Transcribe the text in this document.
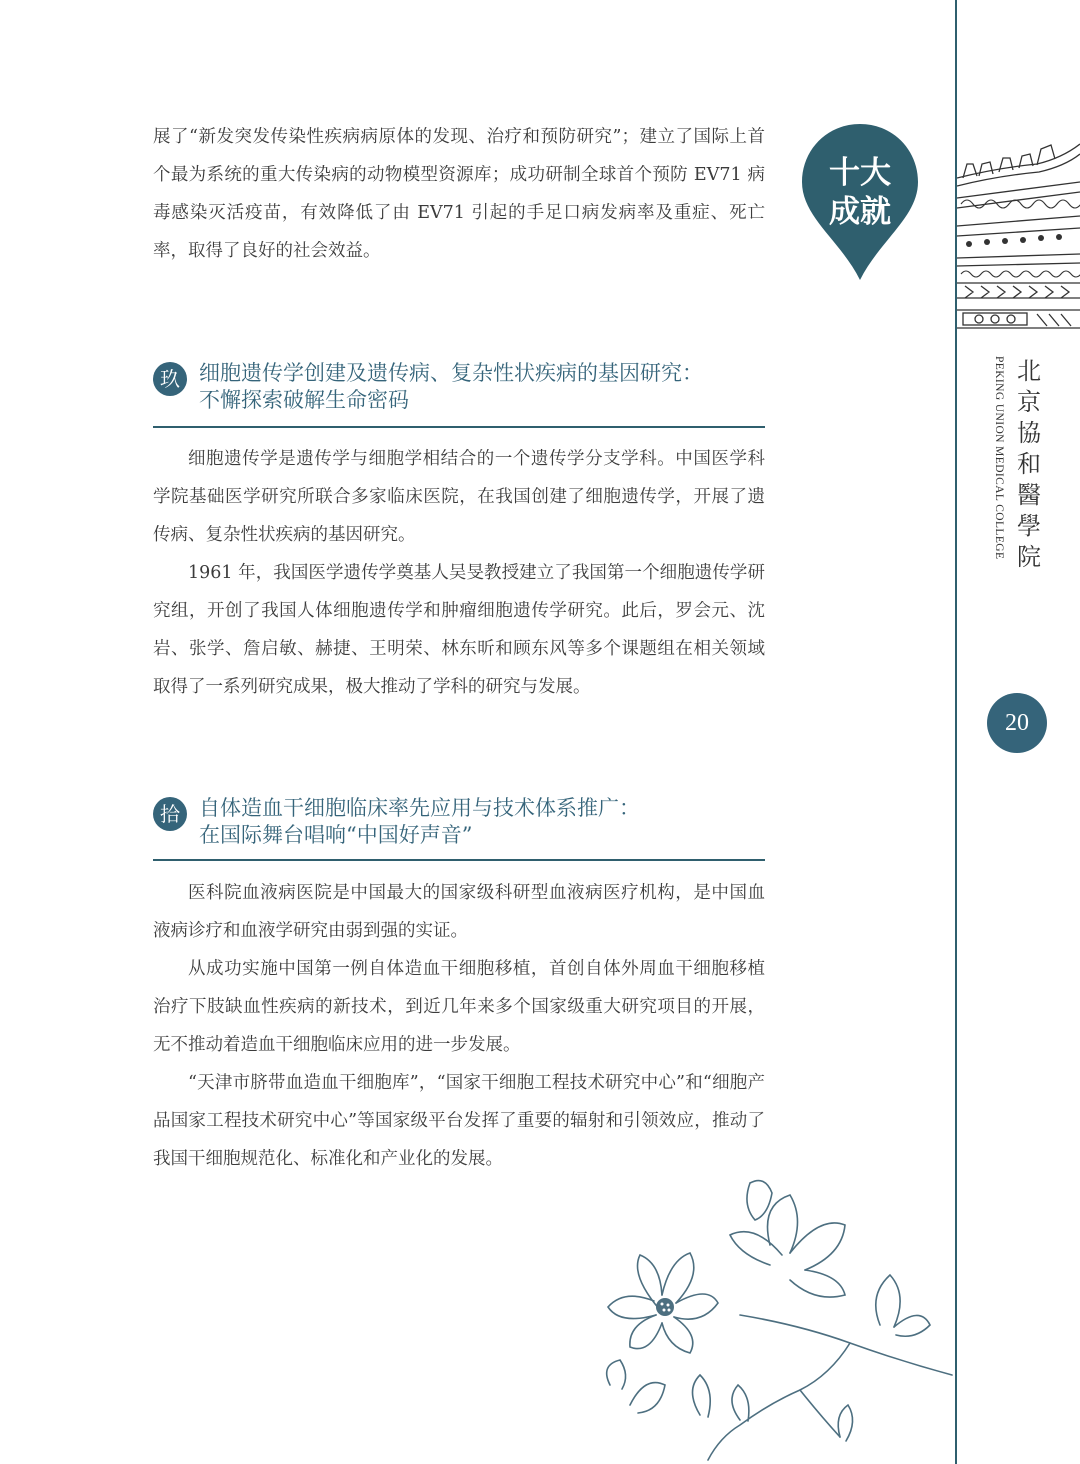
展了“新发突发传染性疾病病原体的发现、治疗和预防研究”；建立了国际上首个最为系统的重大传染病的动物模型资源库；成功研制全球首个预防 EV71 病毒感染灭活疫苗，有效降低了由 EV71 引起的手足口病发病率及重症、死亡率，取得了良好的社会效益。

十大
成就
北
京
協
和
醫
學
院
PEKING UNION MEDICAL COLLEGE
20
玖 细胞遗传学创建及遗传病、复杂性状疾病的基因研究：
不懈探索破解生命密码

细胞遗传学是遗传学与细胞学相结合的一个遗传学分支学科。中国医学科学院基础医学研究所联合多家临床医院，在我国创建了细胞遗传学，开展了遗传病、复杂性状疾病的基因研究。

1961 年，我国医学遗传学奠基人吴旻教授建立了我国第一个细胞遗传学研究组，开创了我国人体细胞遗传学和肿瘤细胞遗传学研究。此后，罗会元、沈岩、张学、詹启敏、赫捷、王明荣、林东昕和顾东风等多个课题组在相关领域取得了一系列研究成果，极大推动了学科的研究与发展。

拾 自体造血干细胞临床率先应用与技术体系推广：
在国际舞台唱响“中国好声音”

医科院血液病医院是中国最大的国家级科研型血液病医疗机构，是中国血液病诊疗和血液学研究由弱到强的实证。

从成功实施中国第一例自体造血干细胞移植，首创自体外周血干细胞移植治疗下肢缺血性疾病的新技术，到近几年来多个国家级重大研究项目的开展，无不推动着造血干细胞临床应用的进一步发展。

“天津市脐带血造血干细胞库”，“国家干细胞工程技术研究中心”和“细胞产品国家工程技术研究中心”等国家级平台发挥了重要的辐射和引领效应，推动了我国干细胞规范化、标准化和产业化的发展。
